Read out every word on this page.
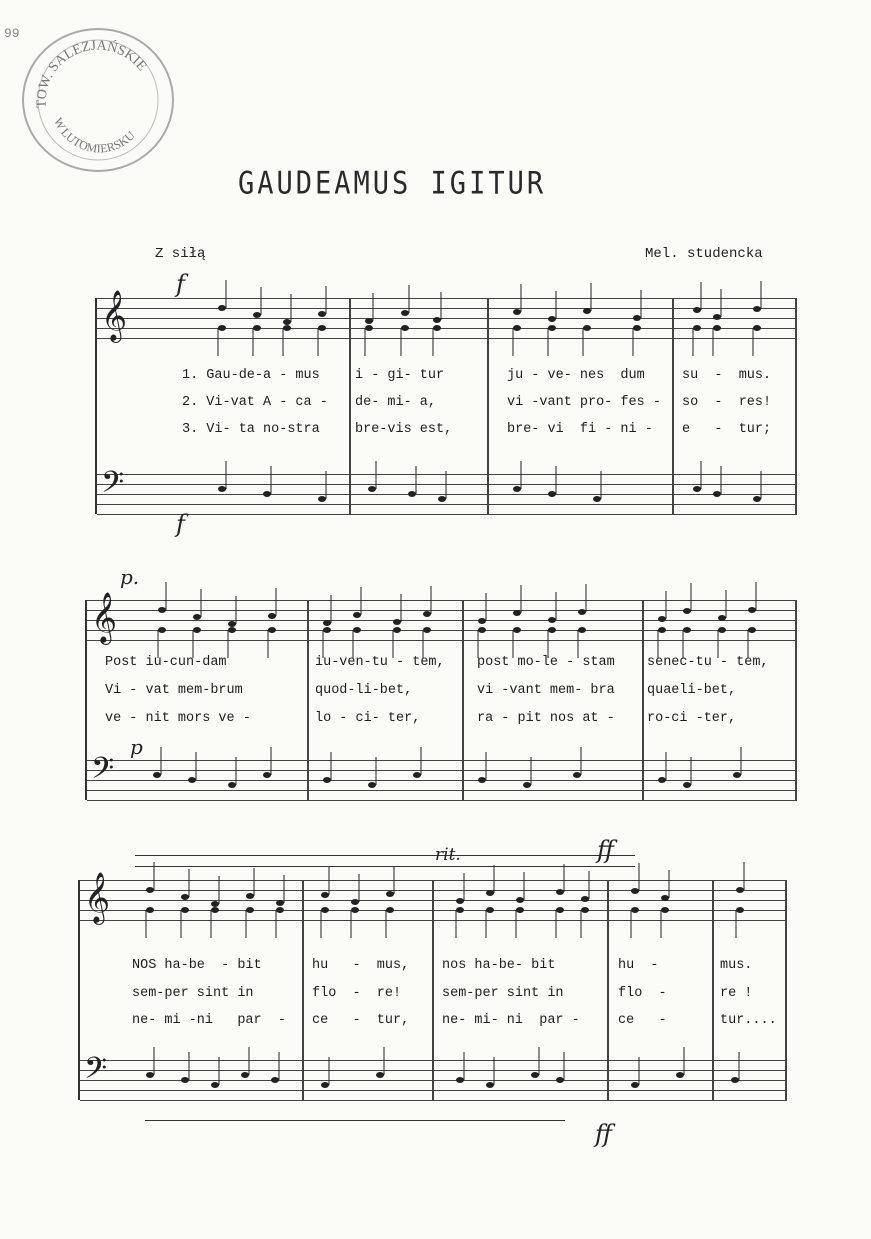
99
TOW. SALEZJAŃSKIE
W LUTOMIERSKU
GAUDEAMUS IGITUR
Z siłą	Mel. studencka
𝄞
𝄢
1. Gau-de-a - mus
2. Vi-vat A - ca -
3. Vi- ta no-stra
i - gi- tur
de- mi- a,
bre-vis est,
ju - ve- nes  dum
vi -vant pro- fes -
bre- vi  fi - ni -
su  -  mus.
so  -  res!
e   -  tur;
f
f
𝄞
𝄢
Post iu-cun-dam
Vi - vat mem-brum
ve - nit mors ve -
iu-ven-tu - tem,
quod-li-bet,
lo - ci- ter,
post mo-le - stam
vi -vant mem- bra
ra - pit nos at -
senec-tu - tem,
quaeli-bet,
ro-ci -ter,
p.
p
𝄞
𝄢
NOS ha-be  - bit
sem-per sint in
ne- mi -ni   par  -
hu   -  mus,
flo  -  re!
ce   -  tur,
nos ha-be- bit
sem-per sint in
ne- mi- ni  par -
hu  -
flo  -
ce   -
mus.
re !
tur....
rit.	ff
ff
